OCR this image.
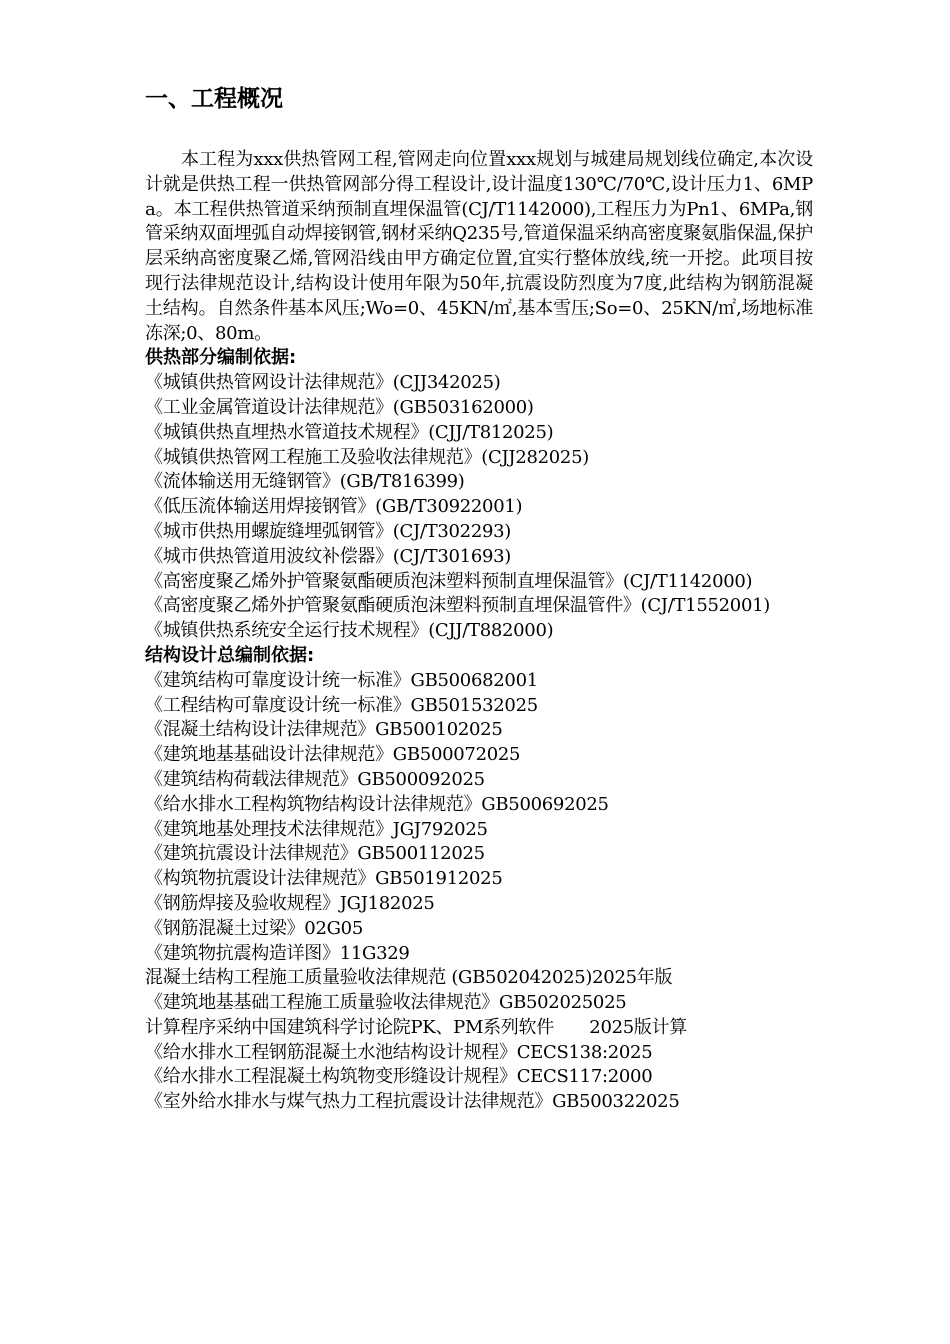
一、工程概况

本工程为xxx供热管网工程,管网走向位置xxx规划与城建局规划线位确定,本次设计就是供热工程一供热管网部分得工程设计,设计温度130℃/70℃,设计压力1、6MPa。本工程供热管道采纳预制直埋保温管(CJ/T1142000),工程压力为Pn1、6MPa,钢管采纳双面埋弧自动焊接钢管,钢材采纳Q235号,管道保温采纳高密度聚氨脂保温,保护层采纳高密度聚乙烯,管网沿线由甲方确定位置,宜实行整体放线,统一开挖。此项目按现行法律规范设计,结构设计使用年限为50年,抗震设防烈度为7度,此结构为钢筋混凝土结构。自然条件基本风压;Wo=0、45KN/㎡,基本雪压;So=0、25KN/㎡,场地标准冻深;0、80m。

供热部分编制依据:

《城镇供热管网设计法律规范》(CJJ342025)

《工业金属管道设计法律规范》(GB503162000)

《城镇供热直埋热水管道技术规程》(CJJ/T812025)

《城镇供热管网工程施工及验收法律规范》(CJJ282025)

《流体输送用无缝钢管》(GB/T816399)

《低压流体输送用焊接钢管》(GB/T30922001)

《城市供热用螺旋缝埋弧钢管》(CJ/T302293)

《城市供热管道用波纹补偿器》(CJ/T301693)

《高密度聚乙烯外护管聚氨酯硬质泡沫塑料预制直埋保温管》(CJ/T1142000)

《高密度聚乙烯外护管聚氨酯硬质泡沫塑料预制直埋保温管件》(CJ/T1552001)

《城镇供热系统安全运行技术规程》(CJJ/T882000)

结构设计总编制依据:

《建筑结构可靠度设计统一标准》GB500682001

《工程结构可靠度设计统一标准》GB501532025

《混凝土结构设计法律规范》GB500102025

《建筑地基基础设计法律规范》GB500072025

《建筑结构荷载法律规范》GB500092025

《给水排水工程构筑物结构设计法律规范》GB500692025

《建筑地基处理技术法律规范》JGJ792025

《建筑抗震设计法律规范》GB500112025

《构筑物抗震设计法律规范》GB501912025

《钢筋焊接及验收规程》JGJ182025

《钢筋混凝土过梁》02G05

《建筑物抗震构造详图》11G329

混凝土结构工程施工质量验收法律规范 (GB502042025)2025年版

《建筑地基基础工程施工质量验收法律规范》GB502025025

计算程序采纳中国建筑科学讨论院PK、PM系列软件　　2025版计算

《给水排水工程钢筋混凝土水池结构设计规程》CECS138:2025

《给水排水工程混凝土构筑物变形缝设计规程》CECS117:2000

《室外给水排水与煤气热力工程抗震设计法律规范》GB500322025
